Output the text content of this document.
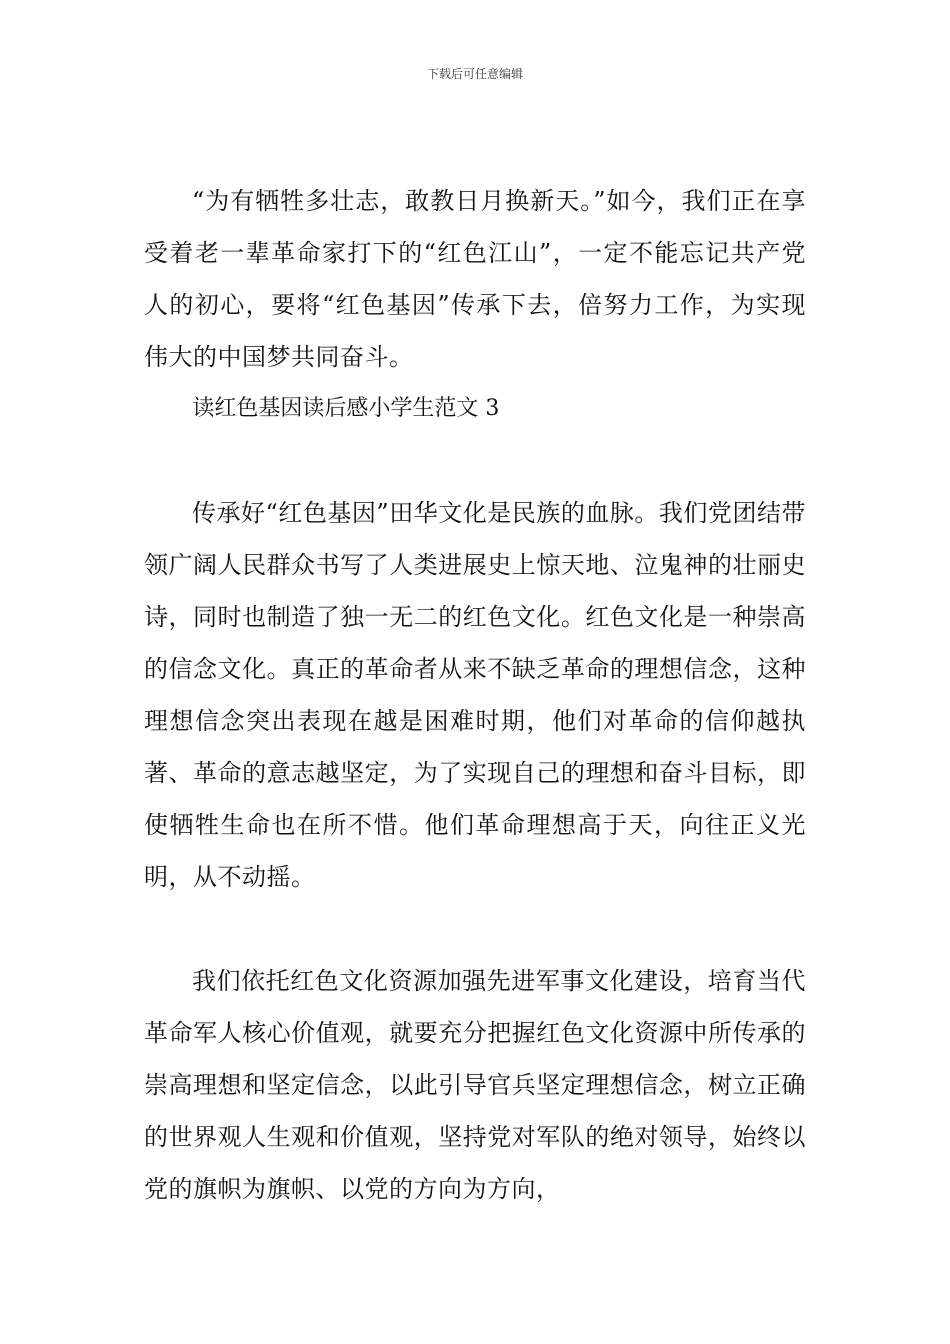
下载后可任意编辑

“为有牺牲多壮志，敢教日月换新天。”如今，我们正在享受着老一辈革命家打下的“红色江山”，一定不能忘记共产党人的初心，要将“红色基因”传承下去，倍努力工作，为实现伟大的中国梦共同奋斗。

读红色基因读后感小学生范文 3

传承好“红色基因”田华文化是民族的血脉。我们党团结带领广阔人民群众书写了人类进展史上惊天地、泣鬼神的壮丽史诗，同时也制造了独一无二的红色文化。红色文化是一种崇高的信念文化。真正的革命者从来不缺乏革命的理想信念，这种理想信念突出表现在越是困难时期，他们对革命的信仰越执著、革命的意志越坚定，为了实现自己的理想和奋斗目标，即使牺牲生命也在所不惜。他们革命理想高于天，向往正义光明，从不动摇。

我们依托红色文化资源加强先进军事文化建设，培育当代革命军人核心价值观，就要充分把握红色文化资源中所传承的崇高理想和坚定信念，以此引导官兵坚定理想信念，树立正确的世界观人生观和价值观，坚持党对军队的绝对领导，始终以党的旗帜为旗帜、以党的方向为方向，
